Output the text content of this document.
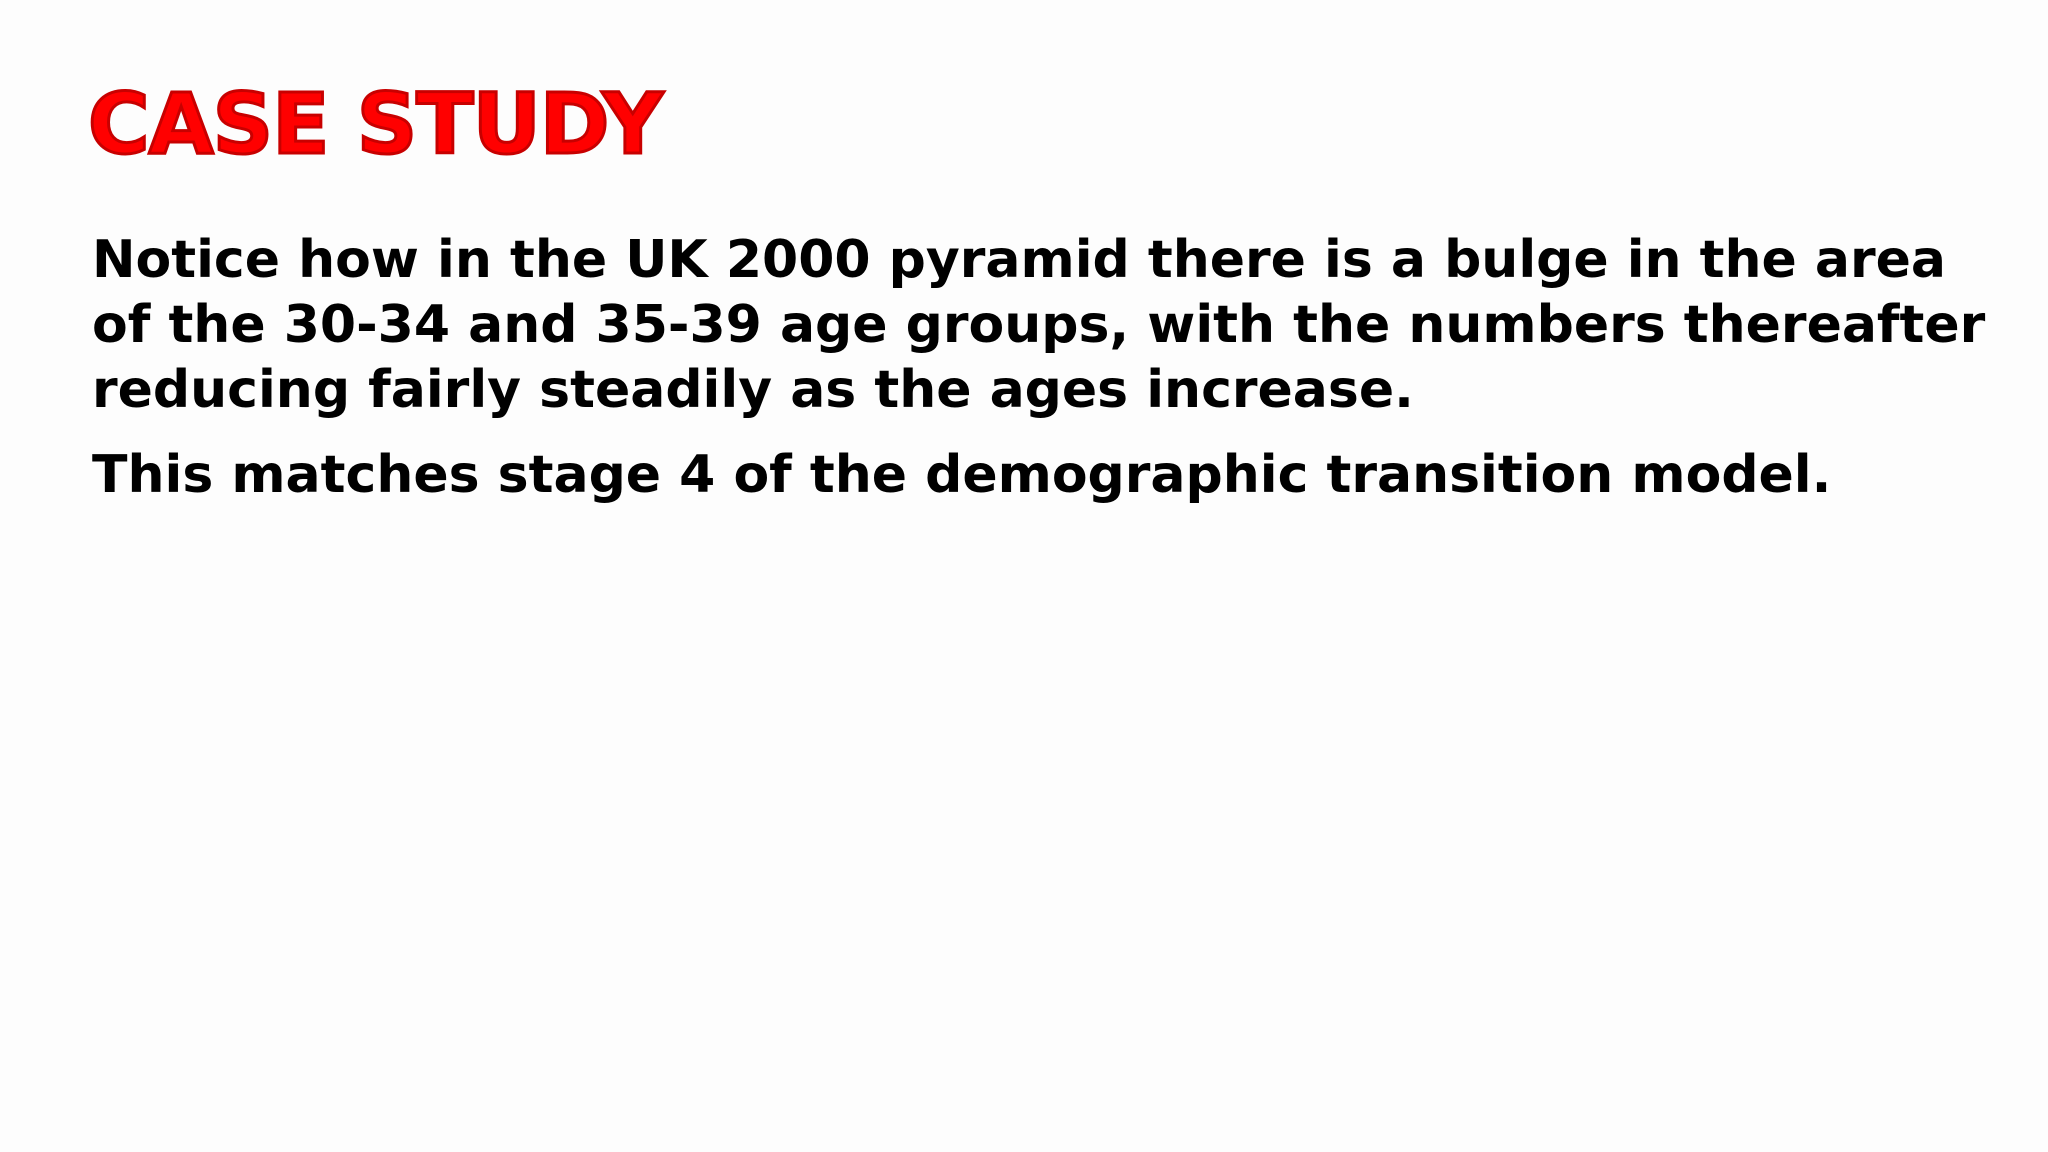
CASE STUDY

Notice how in the UK 2000 pyramid there is a bulge in the area
of the 30-34 and 35-39 age groups, with the numbers thereafter
reducing fairly steadily as the ages increase.

This matches stage 4 of the demographic transition model.
